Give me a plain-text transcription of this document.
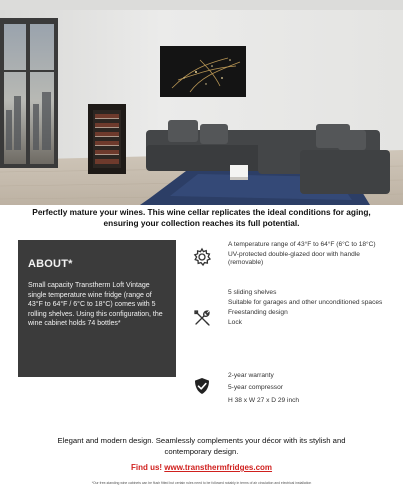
Perfectly mature your wines. This wine cellar replicates the ideal conditions for aging, ensuring your collection reaches its full potential.
ABOUT*

Small capacity Transtherm Loft Vintage single temperature wine fridge (range of 43°F to 64°F / 6°C to 18°C) comes with 5 rolling shelves. Using this configuration, the wine cabinet holds 74 bottles*

A temperature range of 43°F to 64°F (6°C to 18°C)
UV-protected double-glazed door with handle (removable)
5 sliding shelves
Suitable for garages and other unconditioned spaces
Freestanding design
Lock
2-year warranty
5-year compressor
H 38 x W 27 x D 29 inch
Elegant and modern design. Seamlessly complements your décor with its stylish and contemporary design.
Find us! www.transthermfridges.com
*Our free-standing wine cabinets can be flush fitted but certain rules need to be followed notably in terms of air circulation and electrical installation
